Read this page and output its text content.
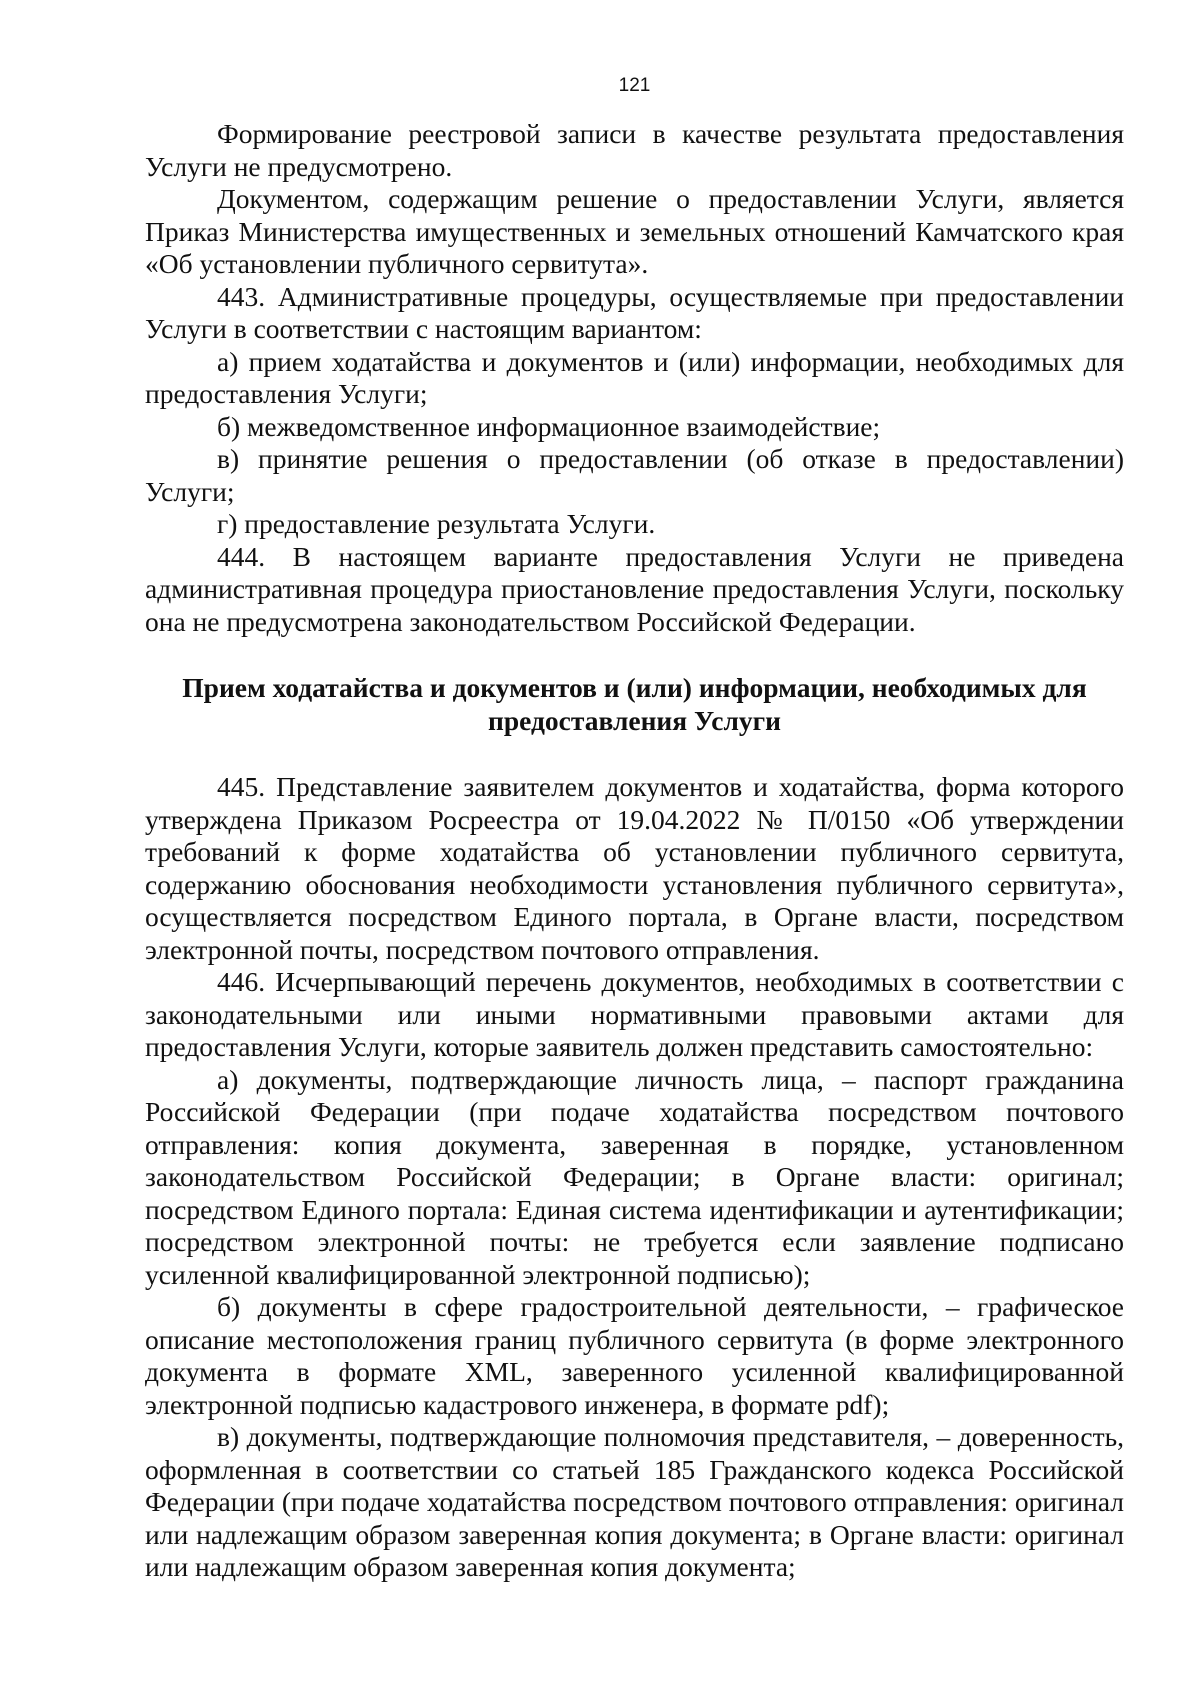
121

Формирование реестровой записи в качестве результата предоставления Услуги не предусмотрено.

Документом, содержащим решение о предоставлении Услуги, является Приказ Министерства имущественных и земельных отношений Камчатского края «Об установлении публичного сервитута».

443. Административные процедуры, осуществляемые при предоставлении Услуги в соответствии с настоящим вариантом:

а) прием ходатайства и документов и (или) информации, необходимых для предоставления Услуги;

б) межведомственное информационное взаимодействие;

в) принятие решения о предоставлении (об отказе в предоставлении) Услуги;

г) предоставление результата Услуги.

444. В настоящем варианте предоставления Услуги не приведена административная процедура приостановление предоставления Услуги, поскольку она не предусмотрена законодательством Российской Федерации.

Прием ходатайства и документов и (или) информации, необходимых для предоставления Услуги

445. Представление заявителем документов и ходатайства, форма которого утверждена Приказом Росреестра от 19.04.2022 № П/0150 «Об утверждении требований к форме ходатайства об установлении публичного сервитута, содержанию обоснования необходимости установления публичного сервитута», осуществляется посредством Единого портала, в Органе власти, посредством электронной почты, посредством почтового отправления.

446. Исчерпывающий перечень документов, необходимых в соответствии с законодательными или иными нормативными правовыми актами для предоставления Услуги, которые заявитель должен представить самостоятельно:

а) документы, подтверждающие личность лица, – паспорт гражданина Российской Федерации (при подаче ходатайства посредством почтового отправления: копия документа, заверенная в порядке, установленном законодательством Российской Федерации; в Органе власти: оригинал; посредством Единого портала: Единая система идентификации и аутентификации; посредством электронной почты: не требуется если заявление подписано усиленной квалифицированной электронной подписью);

б) документы в сфере градостроительной деятельности, – графическое описание местоположения границ публичного сервитута (в форме электронного документа в формате XML, заверенного усиленной квалифицированной электронной подписью кадастрового инженера, в формате pdf);

в) документы, подтверждающие полномочия представителя, – доверенность, оформленная в соответствии со статьей 185 Гражданского кодекса Российской Федерации (при подаче ходатайства посредством почтового отправления: оригинал или надлежащим образом заверенная копия документа; в Органе власти: оригинал или надлежащим образом заверенная копия документа;
